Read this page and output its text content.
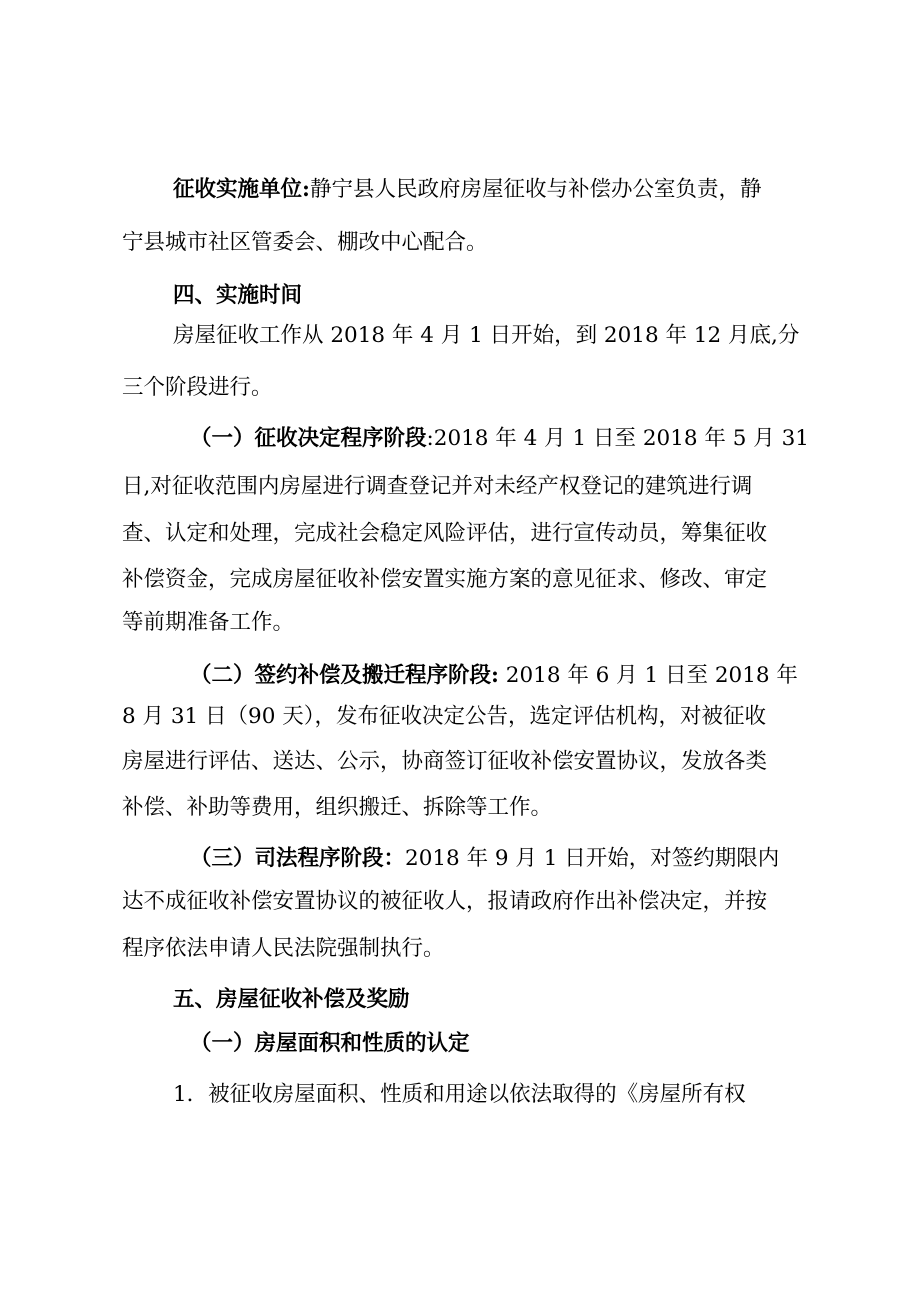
征收实施单位:静宁县人民政府房屋征收与补偿办公室负责，静
宁县城市社区管委会、棚改中心配合。
四、实施时间
房屋征收工作从 2018 年 4 月 1 日开始，到 2018 年 12 月底,分
三个阶段进行。
（一）征收决定程序阶段:2018 年 4 月 1 日至 2018 年 5 月 31
日,对征收范围内房屋进行调查登记并对未经产权登记的建筑进行调
查、认定和处理，完成社会稳定风险评估，进行宣传动员，筹集征收
补偿资金，完成房屋征收补偿安置实施方案的意见征求、修改、审定
等前期准备工作。
（二）签约补偿及搬迁程序阶段: 2018 年 6 月 1 日至 2018 年
8 月 31 日（90 天），发布征收决定公告，选定评估机构，对被征收
房屋进行评估、送达、公示，协商签订征收补偿安置协议，发放各类
补偿、补助等费用，组织搬迁、拆除等工作。
（三）司法程序阶段：2018 年 9 月 1 日开始，对签约期限内
达不成征收补偿安置协议的被征收人，报请政府作出补偿决定，并按
程序依法申请人民法院强制执行。
五、房屋征收补偿及奖励
（一）房屋面积和性质的认定
1．被征收房屋面积、性质和用途以依法取得的《房屋所有权
